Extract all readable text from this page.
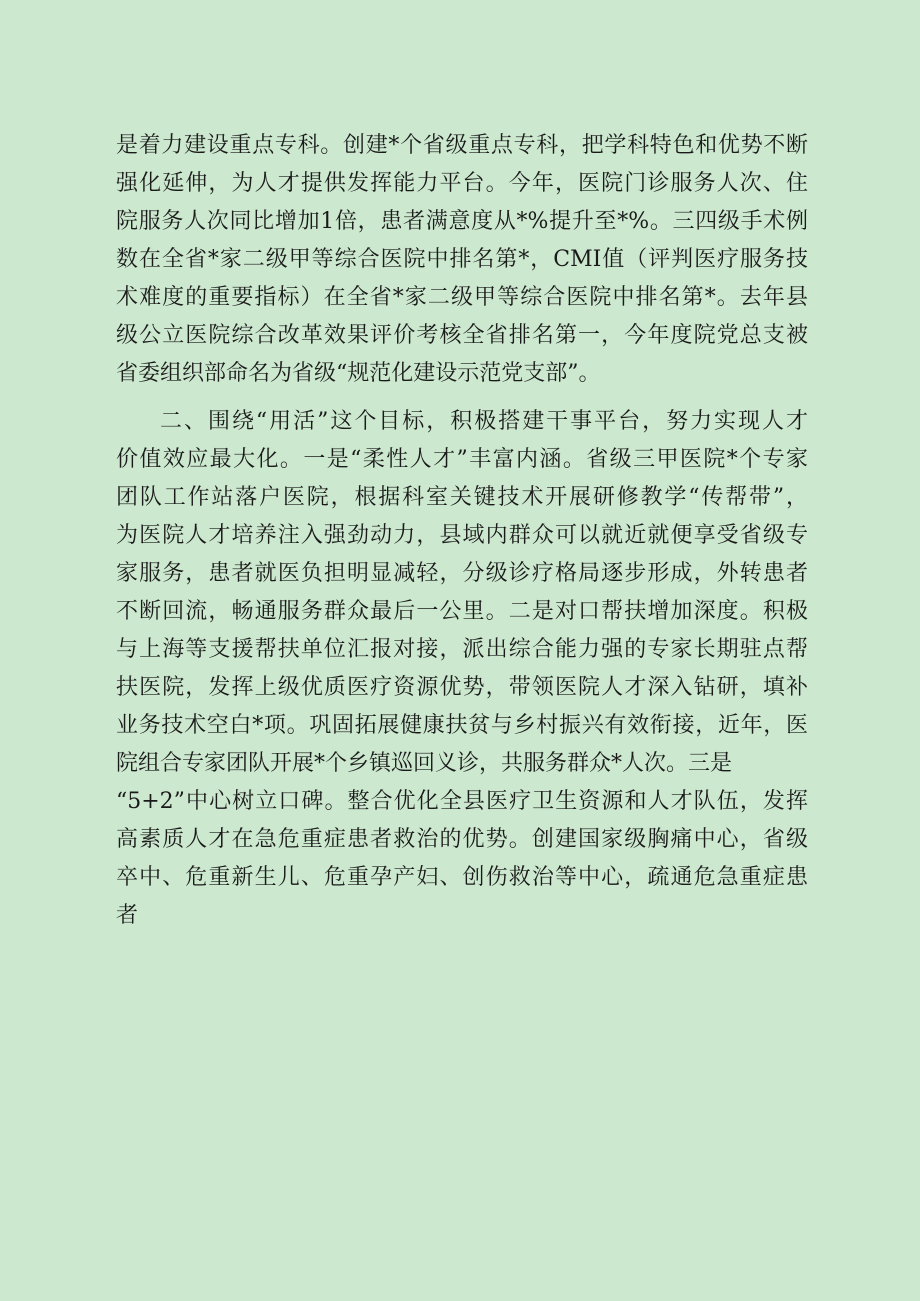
是着力建设重点专科。创建*个省级重点专科，把学科特色和优势不断
强化延伸，为人才提供发挥能力平台。今年，医院门诊服务人次、住
院服务人次同比增加1倍，患者满意度从*%提升至*%。三四级手术例
数在全省*家二级甲等综合医院中排名第*，CMI值（评判医疗服务技
术难度的重要指标）在全省*家二级甲等综合医院中排名第*。去年县
级公立医院综合改革效果评价考核全省排名第一，今年度院党总支被
省委组织部命名为省级“规范化建设示范党支部”。
二、围绕“用活”这个目标，积极搭建干事平台，努力实现人才
价值效应最大化。一是“柔性人才”丰富内涵。省级三甲医院*个专家
团队工作站落户医院，根据科室关键技术开展研修教学“传帮带”，
为医院人才培养注入强劲动力，县域内群众可以就近就便享受省级专
家服务，患者就医负担明显减轻，分级诊疗格局逐步形成，外转患者
不断回流，畅通服务群众最后一公里。二是对口帮扶增加深度。积极
与上海等支援帮扶单位汇报对接，派出综合能力强的专家长期驻点帮
扶医院，发挥上级优质医疗资源优势，带领医院人才深入钻研，填补
业务技术空白*项。巩固拓展健康扶贫与乡村振兴有效衔接，近年，医
院组合专家团队开展*个乡镇巡回义诊，共服务群众*人次。三是
“5+2”中心树立口碑。整合优化全县医疗卫生资源和人才队伍，发挥
高素质人才在急危重症患者救治的优势。创建国家级胸痛中心，省级
卒中、危重新生儿、危重孕产妇、创伤救治等中心，疏通危急重症患
者
